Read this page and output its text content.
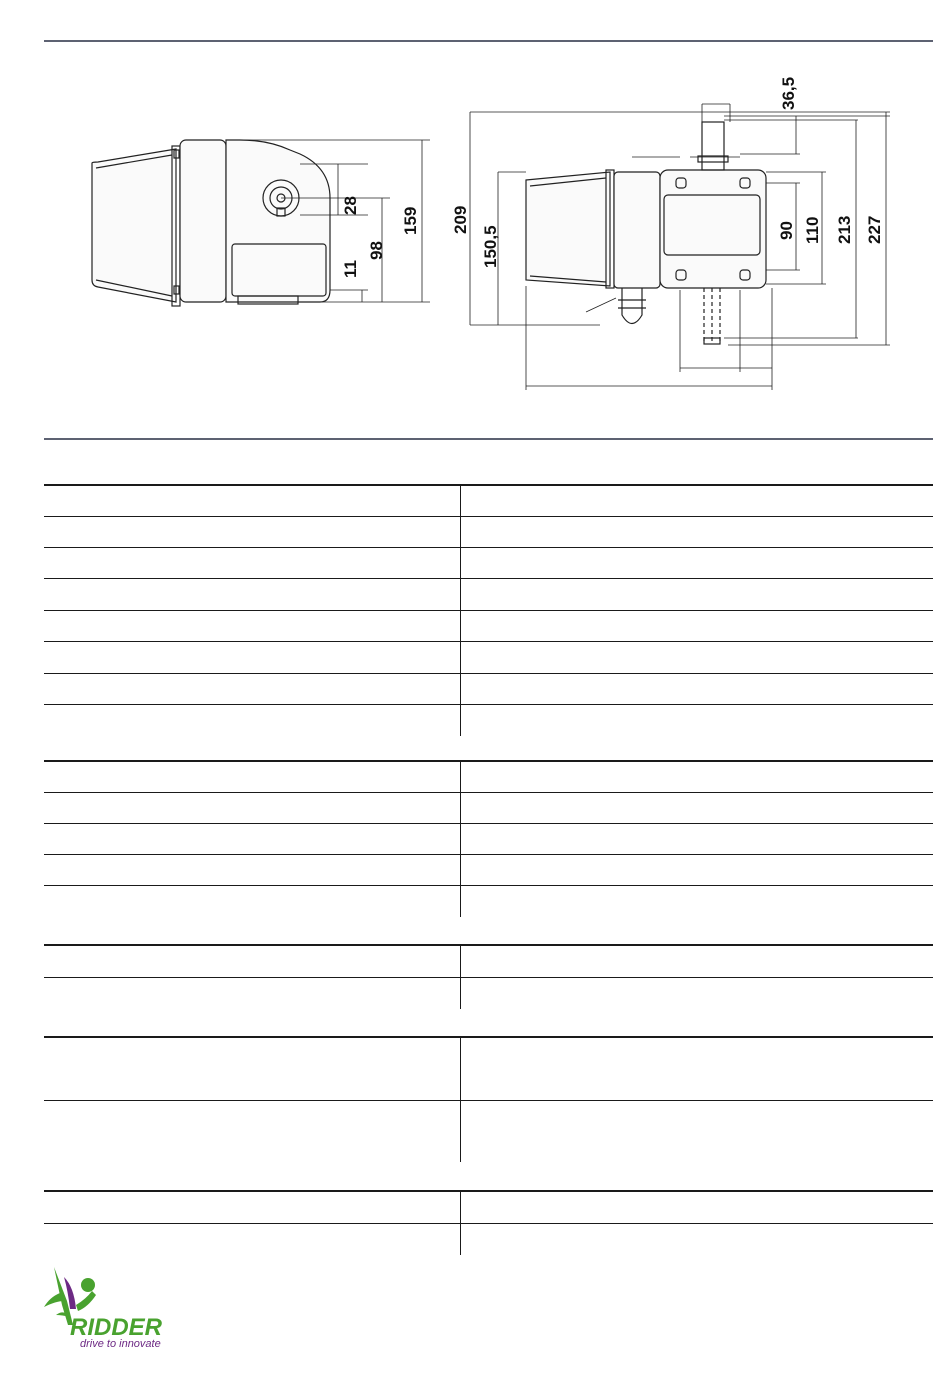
28
159
98
11
36,5
209
150,5	90 110 213 227
RIDDER
drive to innovate
